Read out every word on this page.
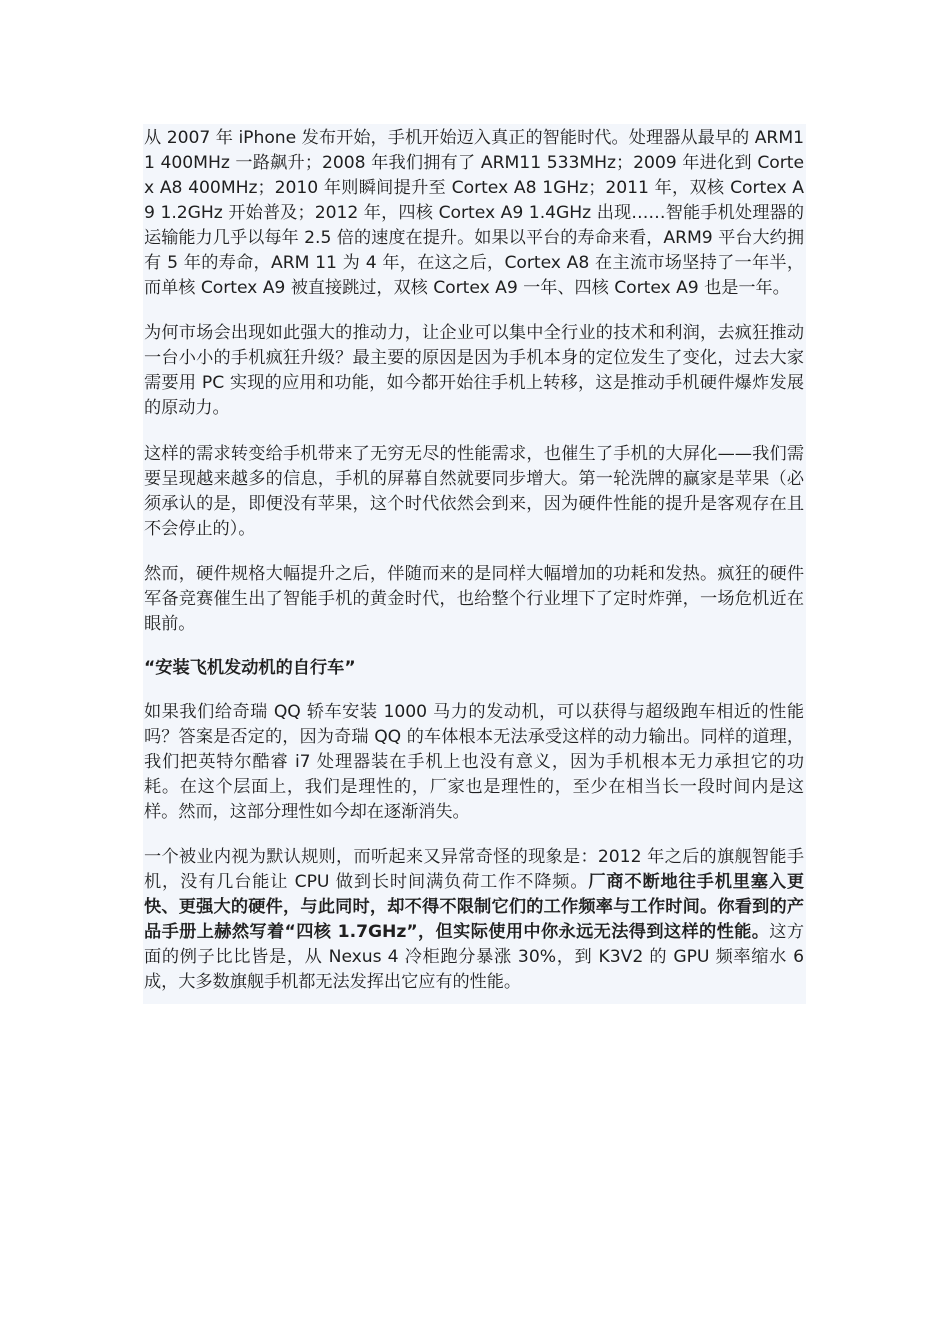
从 2007 年 iPhone 发布开始，手机开始迈入真正的智能时代。处理器从最早的 ARM11 400MHz 一路飙升；2008 年我们拥有了 ARM11 533MHz；2009 年进化到 Cortex A8 400MHz；2010 年则瞬间提升至 Cortex A8 1GHz；2011 年，双核 Cortex A9 1.2GHz 开始普及；2012 年，四核 Cortex A9 1.4GHz 出现……智能手机处理器的运输能力几乎以每年 2.5 倍的速度在提升。如果以平台的寿命来看，ARM9 平台大约拥有 5 年的寿命，ARM 11 为 4 年，在这之后，Cortex A8 在主流市场坚持了一年半，而单核 Cortex A9 被直接跳过，双核 Cortex A9 一年、四核 Cortex A9 也是一年。

为何市场会出现如此强大的推动力，让企业可以集中全行业的技术和利润，去疯狂推动一台小小的手机疯狂升级？最主要的原因是因为手机本身的定位发生了变化，过去大家需要用 PC 实现的应用和功能，如今都开始往手机上转移，这是推动手机硬件爆炸发展的原动力。

这样的需求转变给手机带来了无穷无尽的性能需求，也催生了手机的大屏化——我们需要呈现越来越多的信息，手机的屏幕自然就要同步增大。第一轮洗牌的赢家是苹果（必须承认的是，即便没有苹果，这个时代依然会到来，因为硬件性能的提升是客观存在且不会停止的）。

然而，硬件规格大幅提升之后，伴随而来的是同样大幅增加的功耗和发热。疯狂的硬件军备竞赛催生出了智能手机的黄金时代，也给整个行业埋下了定时炸弹，一场危机近在眼前。

“安装飞机发动机的自行车”

如果我们给奇瑞 QQ 轿车安装 1000 马力的发动机，可以获得与超级跑车相近的性能吗？答案是否定的，因为奇瑞 QQ 的车体根本无法承受这样的动力输出。同样的道理，我们把英特尔酷睿 i7 处理器装在手机上也没有意义，因为手机根本无力承担它的功耗。在这个层面上，我们是理性的，厂家也是理性的，至少在相当长一段时间内是这样。然而，这部分理性如今却在逐渐消失。

一个被业内视为默认规则，而听起来又异常奇怪的现象是：2012 年之后的旗舰智能手机，没有几台能让 CPU 做到长时间满负荷工作不降频。厂商不断地往手机里塞入更快、更强大的硬件，与此同时，却不得不限制它们的工作频率与工作时间。你看到的产品手册上赫然写着“四核 1.7GHz”，但实际使用中你永远无法得到这样的性能。这方面的例子比比皆是，从 Nexus 4 冷柜跑分暴涨 30%，到 K3V2 的 GPU 频率缩水 6 成，大多数旗舰手机都无法发挥出它应有的性能。
